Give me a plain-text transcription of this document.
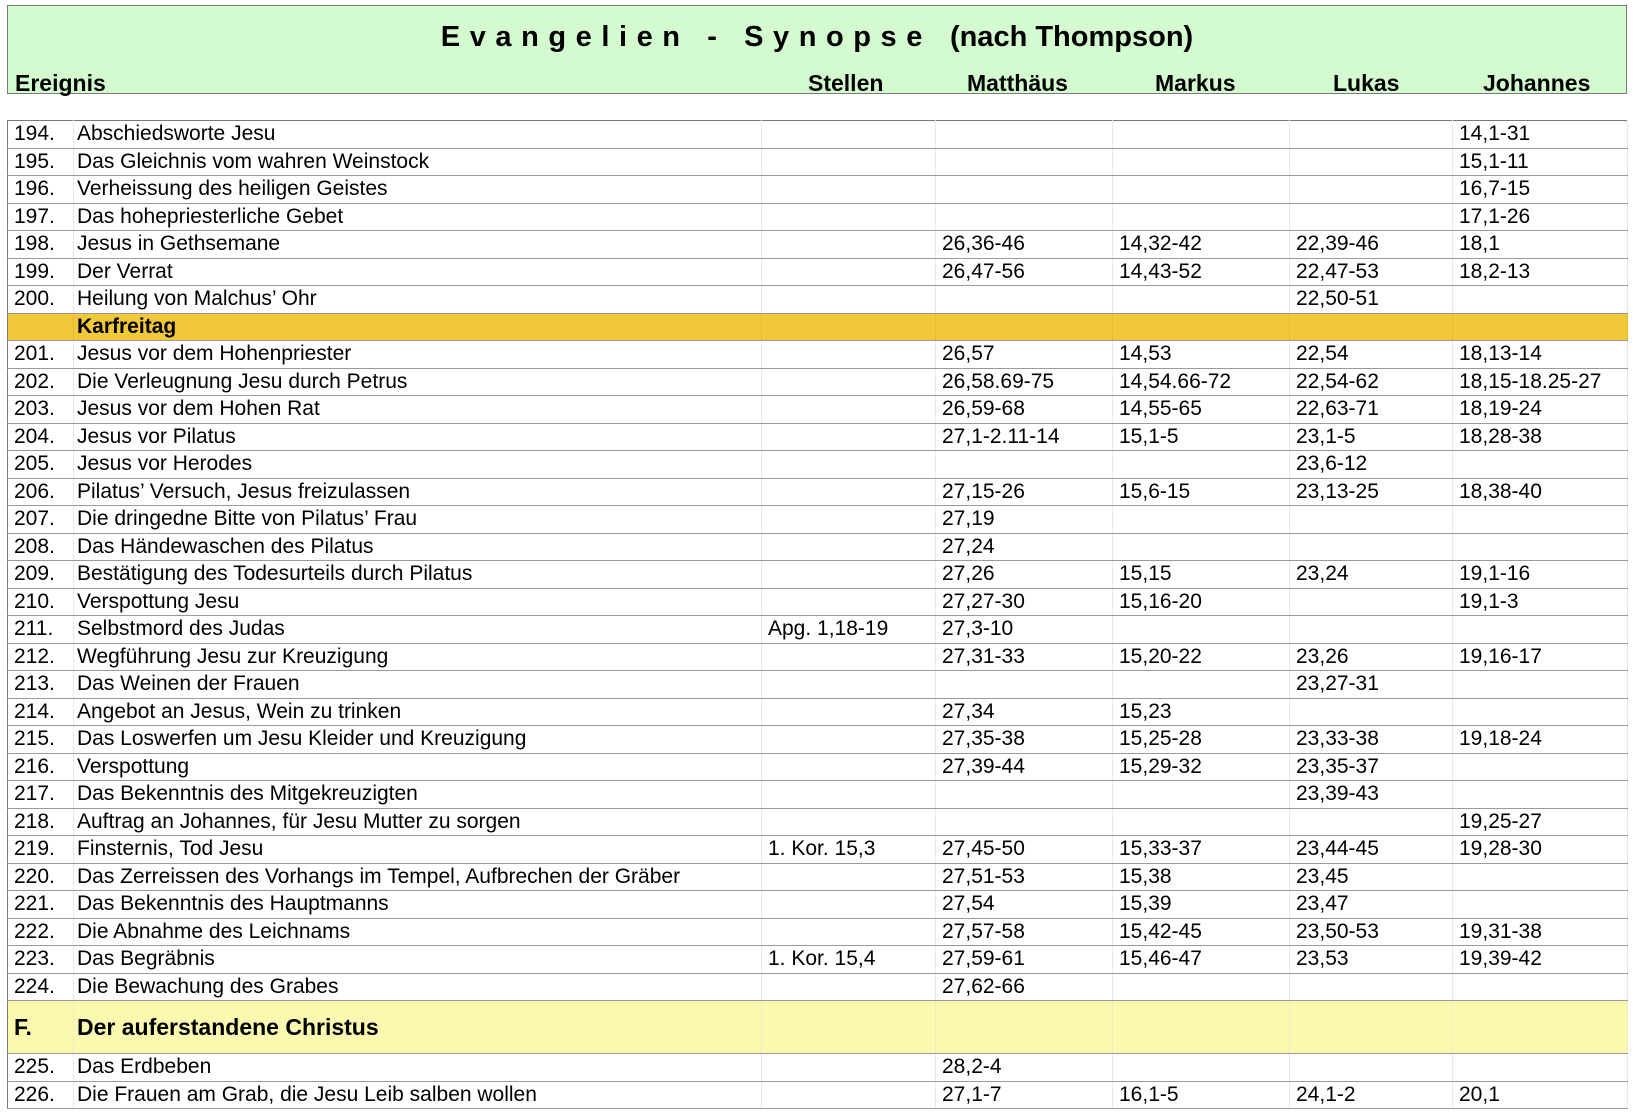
Evangelien - Synopse (nach Thompson)
Ereignis	Stellen	Matthäus	Markus	Lukas	Johannes
194.	Abschiedsworte Jesu					14,1-31
195.	Das Gleichnis vom wahren Weinstock					15,1-11
196.	Verheissung des heiligen Geistes					16,7-15
197.	Das hohepriesterliche Gebet					17,1-26
198.	Jesus in Gethsemane		26,36-46	14,32-42	22,39-46	18,1
199.	Der Verrat		26,47-56	14,43-52	22,47-53	18,2-13
200.	Heilung von Malchus’ Ohr				22,50-51	
	Karfreitag					
201.	Jesus vor dem Hohenpriester		26,57	14,53	22,54	18,13-14
202.	Die Verleugnung Jesu durch Petrus		26,58.69-75	14,54.66-72	22,54-62	18,15-18.25-27
203.	Jesus vor dem Hohen Rat		26,59-68	14,55-65	22,63-71	18,19-24
204.	Jesus vor Pilatus		27,1-2.11-14	15,1-5	23,1-5	18,28-38
205.	Jesus vor Herodes				23,6-12	
206.	Pilatus’ Versuch, Jesus freizulassen		27,15-26	15,6-15	23,13-25	18,38-40
207.	Die dringedne Bitte von Pilatus’ Frau		27,19			
208.	Das Händewaschen des Pilatus		27,24			
209.	Bestätigung des Todesurteils durch Pilatus		27,26	15,15	23,24	19,1-16
210.	Verspottung Jesu		27,27-30	15,16-20		19,1-3
211.	Selbstmord des Judas	Apg. 1,18-19	27,3-10			
212.	Wegführung Jesu zur Kreuzigung		27,31-33	15,20-22	23,26	19,16-17
213.	Das Weinen der Frauen				23,27-31	
214.	Angebot an Jesus, Wein zu trinken		27,34	15,23		
215.	Das Loswerfen um Jesu Kleider und Kreuzigung		27,35-38	15,25-28	23,33-38	19,18-24
216.	Verspottung		27,39-44	15,29-32	23,35-37	
217.	Das Bekenntnis des Mitgekreuzigten				23,39-43	
218.	Auftrag an Johannes, für Jesu Mutter zu sorgen					19,25-27
219.	Finsternis, Tod Jesu	1. Kor. 15,3	27,45-50	15,33-37	23,44-45	19,28-30
220.	Das Zerreissen des Vorhangs im Tempel, Aufbrechen der Gräber		27,51-53	15,38	23,45	
221.	Das Bekenntnis des Hauptmanns		27,54	15,39	23,47	
222.	Die Abnahme des Leichnams		27,57-58	15,42-45	23,50-53	19,31-38
223.	Das Begräbnis	1. Kor. 15,4	27,59-61	15,46-47	23,53	19,39-42
224.	Die Bewachung des Grabes		27,62-66			
F.	Der auferstandene Christus					
225.	Das Erdbeben		28,2-4			
226.	Die Frauen am Grab, die Jesu Leib salben wollen		27,1-7	16,1-5	24,1-2	20,1
